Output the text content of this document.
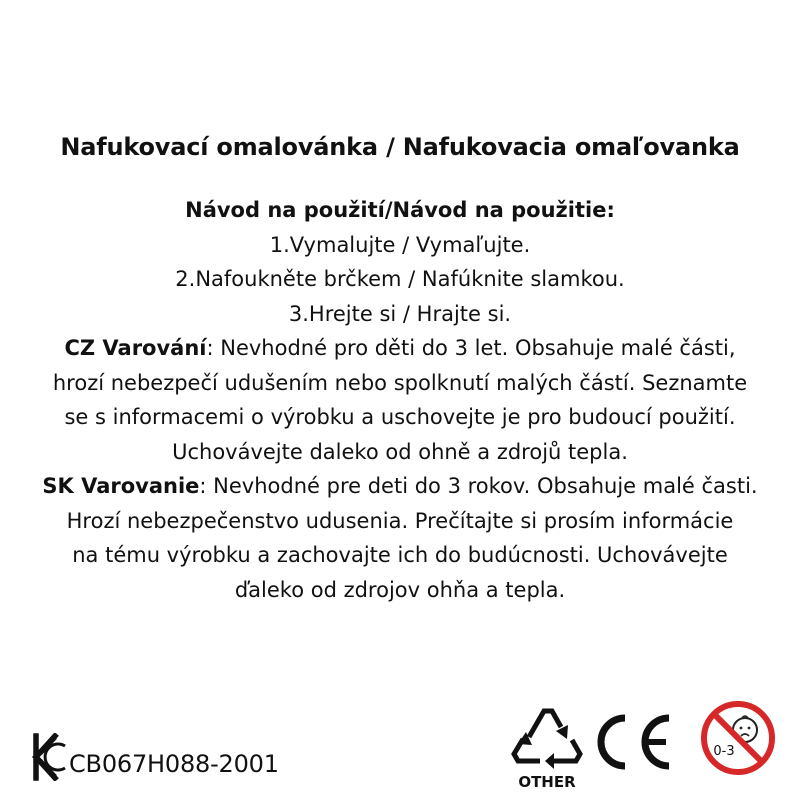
Nafukovací omalovánka / Nafukovacia omaľovanka
Návod na použití/Návod na použitie:
1.Vymalujte / Vymaľujte.
2.Nafoukněte brčkem / Nafúknite slamkou.
3.Hrejte si / Hrajte si.
CZ Varování: Nevhodné pro děti do 3 let. Obsahuje malé části,
hrozí nebezpečí udušením nebo spolknutí malých částí. Seznamte
se s informacemi o výrobku a uschovejte je pro budoucí použití.
Uchovávejte daleko od ohně a zdrojů tepla.
SK Varovanie: Nevhodné pre deti do 3 rokov. Obsahuje malé časti.
Hrozí nebezpečenstvo udusenia. Prečítajte si prosím informácie
na tému výrobku a zachovajte ich do budúcnosti. Uchovávejte
ďaleko od zdrojov ohňa a tepla.
CB067H088-2001
OTHER
0-3
